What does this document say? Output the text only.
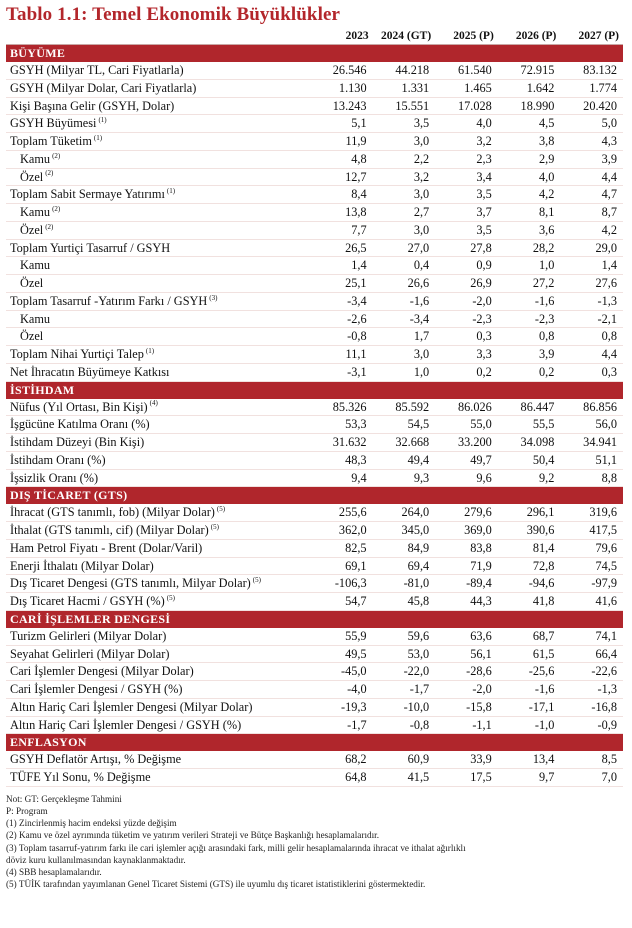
Tablo 1.1: Temel Ekonomik Büyüklükler
	2023	2024 (GT)	2025 (P)	2026 (P)	2027 (P)
BÜYÜME					
GSYH (Milyar TL, Cari Fiyatlarla)	26.546	44.218	61.540	72.915	83.132
GSYH (Milyar Dolar, Cari Fiyatlarla)	1.130	1.331	1.465	1.642	1.774
Kişi Başına Gelir (GSYH, Dolar)	13.243	15.551	17.028	18.990	20.420
GSYH Büyümesi $^{(1)}$	5,1	3,5	4,0	4,5	5,0
Toplam Tüketim $^{(1)}$	11,9	3,0	3,2	3,8	4,3
Kamu $^{(2)}$	4,8	2,2	2,3	2,9	3,9
Özel $^{(2)}$	12,7	3,2	3,4	4,0	4,4
Toplam Sabit Sermaye Yatırımı $^{(1)}$	8,4	3,0	3,5	4,2	4,7
Kamu $^{(2)}$	13,8	2,7	3,7	8,1	8,7
Özel $^{(2)}$	7,7	3,0	3,5	3,6	4,2
Toplam Yurtiçi Tasarruf / GSYH	26,5	27,0	27,8	28,2	29,0
Kamu	1,4	0,4	0,9	1,0	1,4
Özel	25,1	26,6	26,9	27,2	27,6
Toplam Tasarruf -Yatırım Farkı / GSYH $^{(3)}$	-3,4	-1,6	-2,0	-1,6	-1,3
Kamu	-2,6	-3,4	-2,3	-2,3	-2,1
Özel	-0,8	1,7	0,3	0,8	0,8
Toplam Nihai Yurtiçi Talep $^{(1)}$	11,1	3,0	3,3	3,9	4,4
Net İhracatın Büyümeye Katkısı	-3,1	1,0	0,2	0,2	0,3
İSTİHDAM					
Nüfus (Yıl Ortası, Bin Kişi) $^{(4)}$	85.326	85.592	86.026	86.447	86.856
İşgücüne Katılma Oranı (%)	53,3	54,5	55,0	55,5	56,0
İstihdam Düzeyi (Bin Kişi)	31.632	32.668	33.200	34.098	34.941
İstihdam Oranı (%)	48,3	49,4	49,7	50,4	51,1
İşsizlik Oranı (%)	9,4	9,3	9,6	9,2	8,8
DIŞ TİCARET (GTS)					
İhracat (GTS tanımlı, fob) (Milyar Dolar) $^{(5)}$	255,6	264,0	279,6	296,1	319,6
İthalat (GTS tanımlı, cif) (Milyar Dolar) $^{(5)}$	362,0	345,0	369,0	390,6	417,5
Ham Petrol Fiyatı - Brent (Dolar/Varil)	82,5	84,9	83,8	81,4	79,6
Enerji İthalatı (Milyar Dolar)	69,1	69,4	71,9	72,8	74,5
Dış Ticaret Dengesi (GTS tanımlı, Milyar Dolar) $^{(5)}$	-106,3	-81,0	-89,4	-94,6	-97,9
Dış Ticaret Hacmi / GSYH (%) $^{(5)}$	54,7	45,8	44,3	41,8	41,6
CARİ İŞLEMLER DENGESİ					
Turizm Gelirleri (Milyar Dolar)	55,9	59,6	63,6	68,7	74,1
Seyahat Gelirleri (Milyar Dolar)	49,5	53,0	56,1	61,5	66,4
Cari İşlemler Dengesi (Milyar Dolar)	-45,0	-22,0	-28,6	-25,6	-22,6
Cari İşlemler Dengesi / GSYH (%)	-4,0	-1,7	-2,0	-1,6	-1,3
Altın Hariç Cari İşlemler Dengesi (Milyar Dolar)	-19,3	-10,0	-15,8	-17,1	-16,8
Altın Hariç Cari İşlemler Dengesi / GSYH (%)	-1,7	-0,8	-1,1	-1,0	-0,9
ENFLASYON					
GSYH Deflatör Artışı, % Değişme	68,2	60,9	33,9	13,4	8,5
TÜFE Yıl Sonu, % Değişme	64,8	41,5	17,5	9,7	7,0
Not: GT: Gerçekleşme Tahmini
P: Program
(1) Zincirlenmiş hacim endeksi yüzde değişim
(2) Kamu ve özel ayrımında tüketim ve yatırım verileri Strateji ve Bütçe Başkanlığı hesaplamalarıdır.
(3) Toplam tasarruf-yatırım farkı ile cari işlemler açığı arasındaki fark, milli gelir hesaplamalarında ihracat ve ithalat ağırlıklı
döviz kuru kullanılmasından kaynaklanmaktadır.
(4) SBB hesaplamalarıdır.
(5) TÜİK tarafından yayımlanan Genel Ticaret Sistemi (GTS) ile uyumlu dış ticaret istatistiklerini göstermektedir.
